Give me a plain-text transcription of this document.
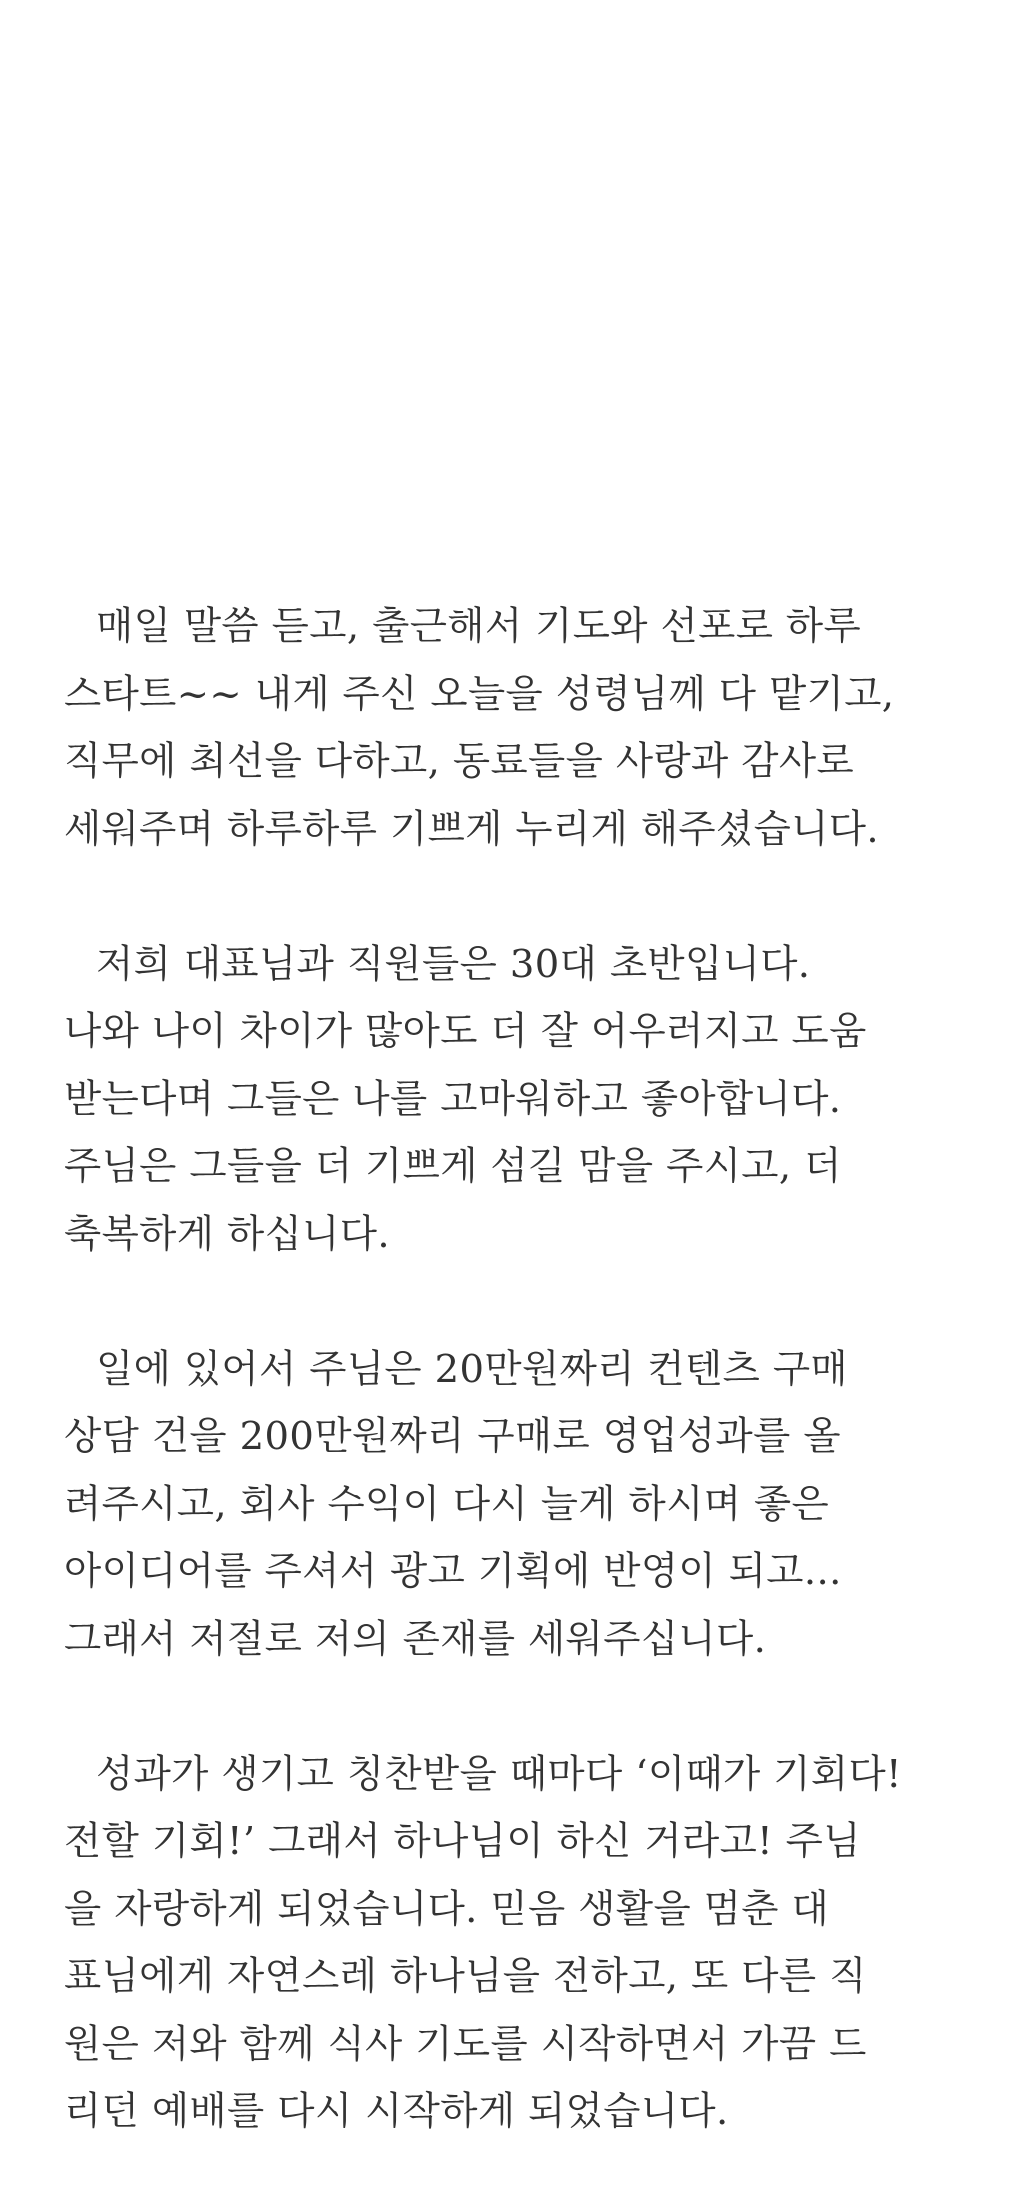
매일 말씀 듣고, 출근해서 기도와 선포로 하루
스타트~~ 내게 주신 오늘을 성령님께 다 맡기고,
직무에 최선을 다하고, 동료들을 사랑과 감사로
세워주며 하루하루 기쁘게 누리게 해주셨습니다.

저희 대표님과 직원들은 30대 초반입니다.
나와 나이 차이가 많아도 더 잘 어우러지고 도움
받는다며 그들은 나를 고마워하고 좋아합니다.
주님은 그들을 더 기쁘게 섬길 맘을 주시고, 더
축복하게 하십니다.

일에 있어서 주님은 20만원짜리 컨텐츠 구매
상담 건을 200만원짜리 구매로 영업성과를 올
려주시고, 회사 수익이 다시 늘게 하시며 좋은
아이디어를 주셔서 광고 기획에 반영이 되고...
그래서 저절로 저의 존재를 세워주십니다.

성과가 생기고 칭찬받을 때마다 ‘이때가 기회다!
전할 기회!’ 그래서 하나님이 하신 거라고! 주님
을 자랑하게 되었습니다. 믿음 생활을 멈춘 대
표님에게 자연스레 하나님을 전하고, 또 다른 직
원은 저와 함께 식사 기도를 시작하면서 가끔 드
리던 예배를 다시 시작하게 되었습니다.
